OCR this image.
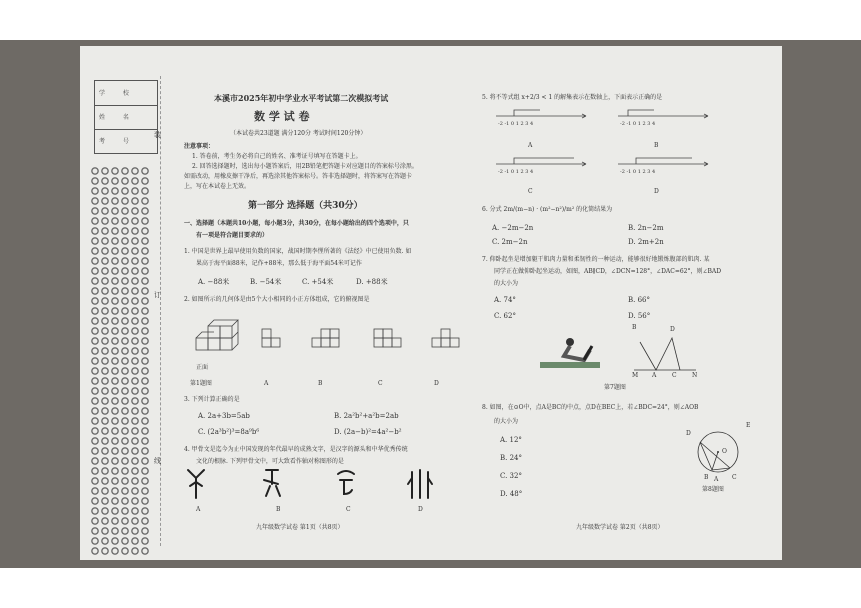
学 校
姓 名
考 号
装
订
线
本溪市2025年初中学业水平考试第二次模拟考试
数 学 试 卷
（本试卷共23道题 满分120分 考试时间120分钟）
注意事项：
1. 答卷前，考生务必将自己的姓名、准考证号填写在答题卡上。
2. 回答选择题时，选出每小题答案后，用2B铅笔把答题卡对应题目的答案标号涂黑。
如需改动，用橡皮擦干净后，再选涂其他答案标号。答非选择题时，将答案写在答题卡
上，写在本试卷上无效。
第一部分 选择题（共30分）
一、选择题（本题共10小题，每小题3分，共30分，在每小题给出的四个选项中，只
有一项是符合题目要求的）
1. 中国是世界上最早使用负数的国家，战国时期李悝所著的《法经》中已使用负数. 如
果高于海平面88米，记作+88米，那么低于海平面54米可记作
A. −88米	B. −54米	C. +54米	D. +88米
2. 如图所示的几何体是由5个大小相同的小正方体组成，它的俯视图是
正面
第1题图	A	B	C	D
3. 下列计算正确的是
A. 2a+3b=5ab	B. 2a²b²+a²b=2ab
C. (2a³b²)³=8a⁹b⁶	D. (2a−b)²=4a²−b²
4. 甲骨文是迄今为止中国发现的年代最早的成熟文字，是汉字的源头和中华优秀传统
文化的根脉. 下列甲骨文中，可大致看作轴对称图形的是
A	B	C	D
九年级数学试卷 第1页（共8页）
5. 将不等式组 x+2/3 < 1 的解集表示在数轴上，下面表示正确的是
-2 -1 0 1 2 3 4	-2 -1 0 1 2 3 4
-2 -1 0 1 2 3 4	-2 -1 0 1 2 3 4
A	B
C	D
6. 分式 2m/(m−n) · (m²−n²)/m² 的化简结果为
A. −2m−2n	B. 2n−2m
C. 2m−2n	D. 2m+2n
7. 仰卧起坐是增加躯干肌肉力量和柔韧性的一种运动，能够很好地锻炼腹部的肌肉. 某
同学正在做仰卧起坐运动，如图，AB∥CD，∠DCN=128°，∠DAC=62°，则∠BAD
的大小为
A. 74°	B. 66°
C. 62°	D. 56°
B	D
M A	C	N
第7题图
8. 如图，在⊙O中，点A是BC的中点，点D在BEC上，若∠BDC=24°，则∠AOB
的大小为
A. 12°
B. 24°
C. 32°
D. 48°
D
E
O
B A C
第8题图
九年级数学试卷 第2页（共8页）
